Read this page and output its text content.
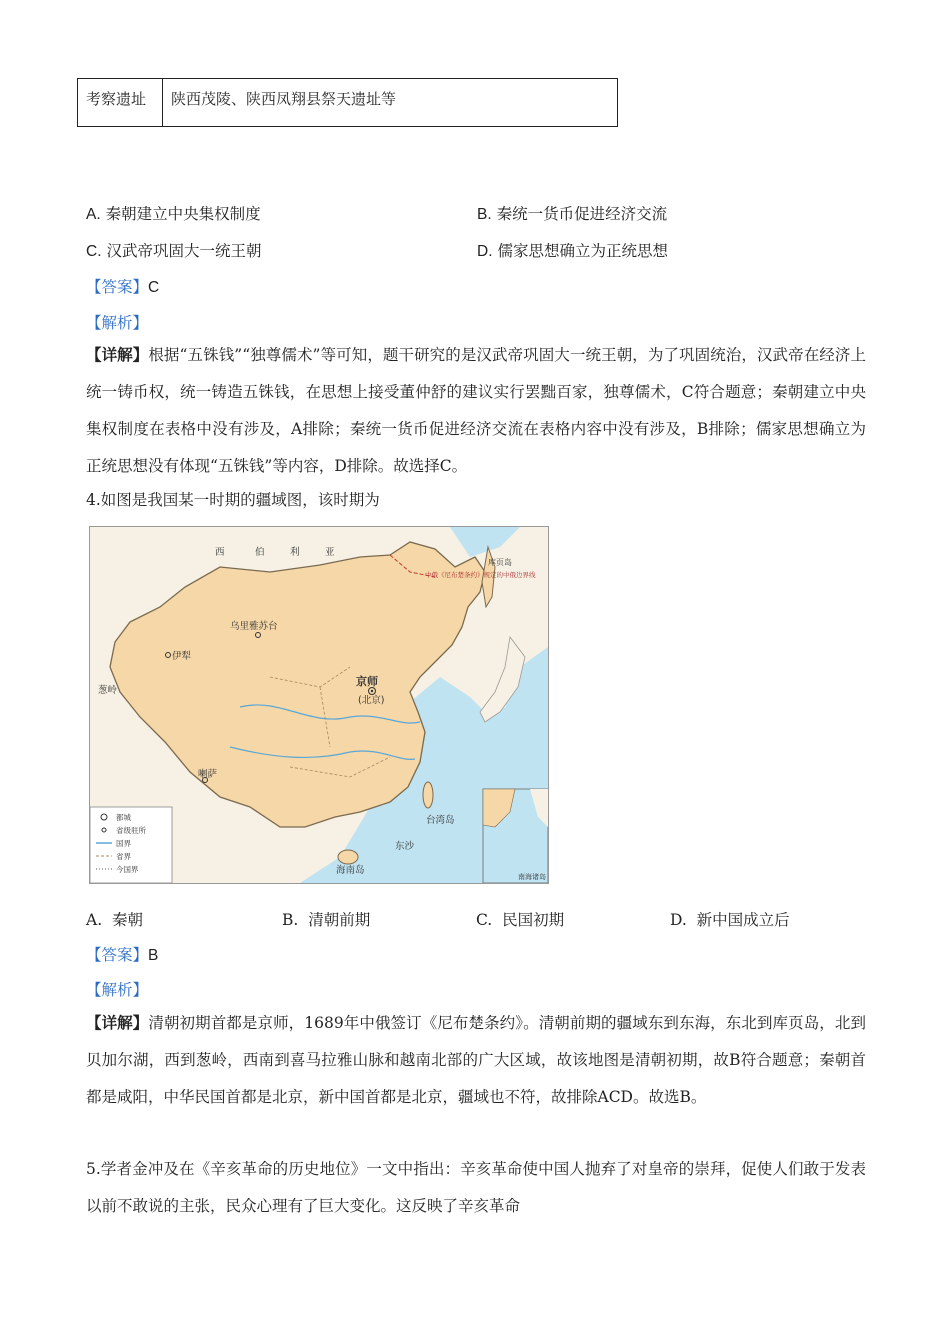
考察遗址	陕西茂陵、陕西凤翔县祭天遗址等
A. 秦朝建立中央集权制度	B. 秦统一货币促进经济交流
C. 汉武帝巩固大一统王朝	D. 儒家思想确立为正统思想
【答案】C
【解析】
【详解】根据“五铢钱”“独尊儒术”等可知，题干研究的是汉武帝巩固大一统王朝，为了巩固统治，汉武帝在经济上统一铸币权，统一铸造五铢钱，在思想上接受董仲舒的建议实行罢黜百家，独尊儒术，C符合题意；秦朝建立中央集权制度在表格中没有涉及，A排除；秦统一货币促进经济交流在表格内容中没有涉及，B排除；儒家思想确立为正统思想没有体现“五铢钱”等内容，D排除。故选择C。
4.如图是我国某一时期的疆域图，该时期为
西	伯	利	亚
乌里雅苏台
伊犁
葱岭
京师
(北京)
喇萨
台湾岛
海南岛
东沙
库页岛
中俄《尼布楚条约》规定的中俄边界线
都城
省级驻所
国界
省界
今国界
南海诸岛
A. 秦朝	B. 清朝前期	C. 民国初期	D. 新中国成立后
【答案】B
【解析】
【详解】清朝初期首都是京师，1689年中俄签订《尼布楚条约》。清朝前期的疆域东到东海，东北到库页岛，北到贝加尔湖，西到葱岭，西南到喜马拉雅山脉和越南北部的广大区域，故该地图是清朝初期，故B符合题意；秦朝首都是咸阳，中华民国首都是北京，新中国首都是北京，疆域也不符，故排除ACD。故选B。
5.学者金冲及在《辛亥革命的历史地位》一文中指出：辛亥革命使中国人抛弃了对皇帝的崇拜，促使人们敢于发表以前不敢说的主张，民众心理有了巨大变化。这反映了辛亥革命
